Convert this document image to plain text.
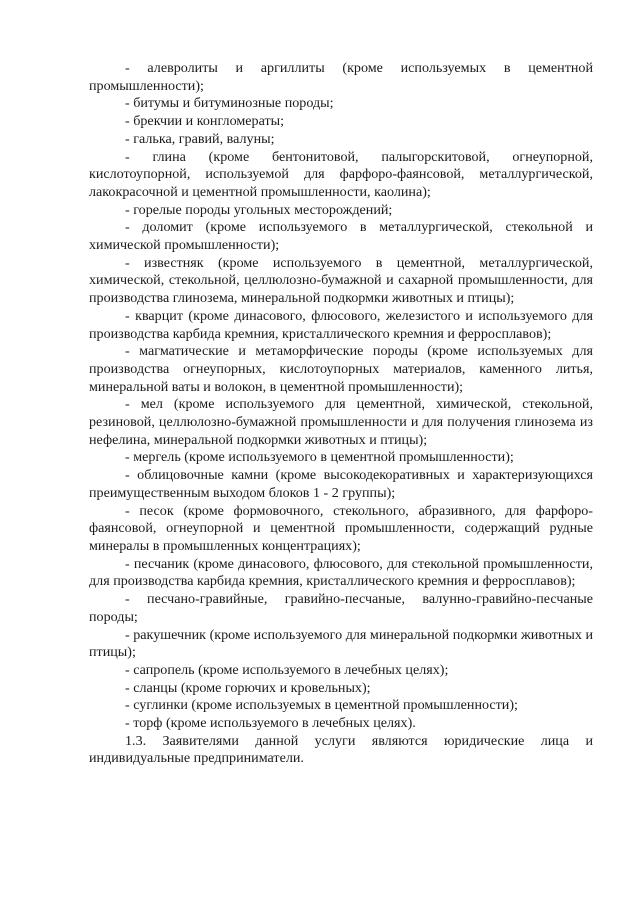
- алевролиты и аргиллиты (кроме используемых в цементной промышленности);

- битумы и битуминозные породы;

- брекчии и конгломераты;

- галька, гравий, валуны;

- глина (кроме бентонитовой, палыгорскитовой, огнеупорной, кислотоупорной, используемой для фарфоро-фаянсовой, металлургической, лакокрасочной и цементной промышленности, каолина);

- горелые породы угольных месторождений;

- доломит (кроме используемого в металлургической, стекольной и химической промышленности);

- известняк (кроме используемого в цементной, металлургической, химической, стекольной, целлюлозно-бумажной и сахарной промышленности, для производства глинозема, минеральной подкормки животных и птицы);

- кварцит (кроме динасового, флюсового, железистого и используемого для производства карбида кремния, кристаллического кремния и ферросплавов);

- магматические и метаморфические породы (кроме используемых для производства огнеупорных, кислотоупорных материалов, каменного литья, минеральной ваты и волокон, в цементной промышленности);

- мел (кроме используемого для цементной, химической, стекольной, резиновой, целлюлозно-бумажной промышленности и для получения глинозема из нефелина, минеральной подкормки животных и птицы);

- мергель (кроме используемого в цементной промышленности);

- облицовочные камни (кроме высокодекоративных и характеризующихся преимущественным выходом блоков 1 - 2 группы);

- песок (кроме формовочного, стекольного, абразивного, для фарфоро-фаянсовой, огнеупорной и цементной промышленности, содержащий рудные минералы в промышленных концентрациях);

- песчаник (кроме динасового, флюсового, для стекольной промышленности, для производства карбида кремния, кристаллического кремния и ферросплавов);

- песчано-гравийные, гравийно-песчаные, валунно-гравийно-песчаные породы;

- ракушечник (кроме используемого для минеральной подкормки животных и птицы);

- сапропель (кроме используемого в лечебных целях);

- сланцы (кроме горючих и кровельных);

- суглинки (кроме используемых в цементной промышленности);

- торф (кроме используемого в лечебных целях).

1.3. Заявителями данной услуги являются юридические лица и индивидуальные предприниматели.
